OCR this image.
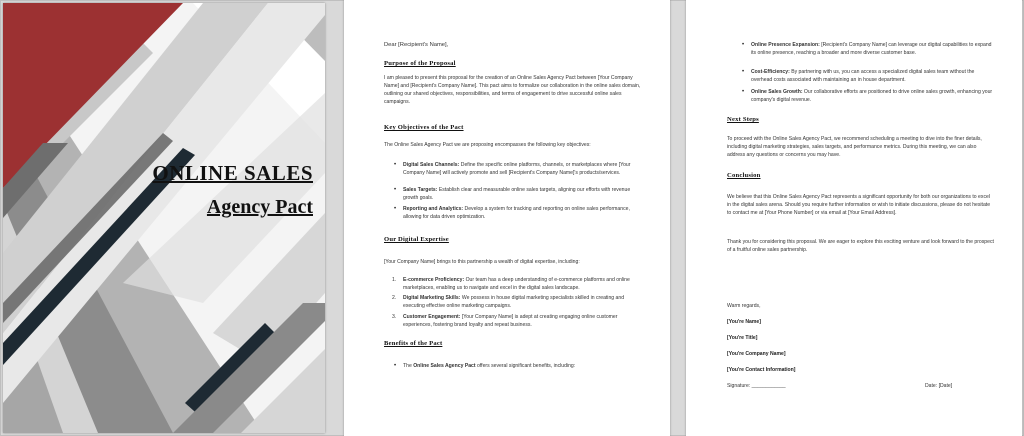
ONLINE SALES
Agency Pact
Dear [Recipient's Name],
Purpose of the Proposal
I am pleased to present this proposal for the creation of an Online Sales Agency Pact between [Your Company Name] and [Recipient's Company Name]. This pact aims to formalize our collaboration in the online sales domain, outlining our shared objectives, responsibilities, and terms of engagement to drive successful online sales campaigns.
Key Objectives of the Pact
The Online Sales Agency Pact we are proposing encompasses the following key objectives:
• Digital Sales Channels: Define the specific online platforms, channels, or marketplaces where [Your Company Name] will actively promote and sell [Recipient's Company Name]'s products/services.
• Sales Targets: Establish clear and measurable online sales targets, aligning our efforts with revenue growth goals.
• Reporting and Analytics: Develop a system for tracking and reporting on online sales performance, allowing for data driven optimization.
Our Digital Expertise
[Your Company Name] brings to this partnership a wealth of digital expertise, including:
1. E-commerce Proficiency: Our team has a deep understanding of e-commerce platforms and online marketplaces, enabling us to navigate and excel in the digital sales landscape.
2. Digital Marketing Skills: We possess in house digital marketing specialists skilled in creating and executing effective online marketing campaigns.
3. Customer Engagement: [Your Company Name] is adept at creating engaging online customer experiences, fostering brand loyalty and repeat business.
Benefits of the Pact
• The Online Sales Agency Pact offers several significant benefits, including:
• Online Presence Expansion: [Recipient's Company Name] can leverage our digital capabilities to expand its online presence, reaching a broader and more diverse customer base.
• Cost-Efficiency: By partnering with us, you can access a specialized digital sales team without the overhead costs associated with maintaining an in house department.
• Online Sales Growth: Our collaborative efforts are positioned to drive online sales growth, enhancing your company's digital revenue.
Next Steps
To proceed with the Online Sales Agency Pact, we recommend scheduling a meeting to dive into the finer details, including digital marketing strategies, sales targets, and performance metrics. During this meeting, we can also address any questions or concerns you may have.
Conclusion
We believe that this Online Sales Agency Pact represents a significant opportunity for both our organizations to excel in the digital sales arena. Should you require further information or wish to initiate discussions, please do not hesitate to contact me at [Your Phone Number] or via email at [Your Email Address].
Thank you for considering this proposal. We are eager to explore this exciting venture and look forward to the prospect of a fruitful online sales partnership.
Warm regards,
[You're Name]
[You're Title]
[You're Company Name]
[You're Contact Information]
Signature: ____________	Date: [Date]
